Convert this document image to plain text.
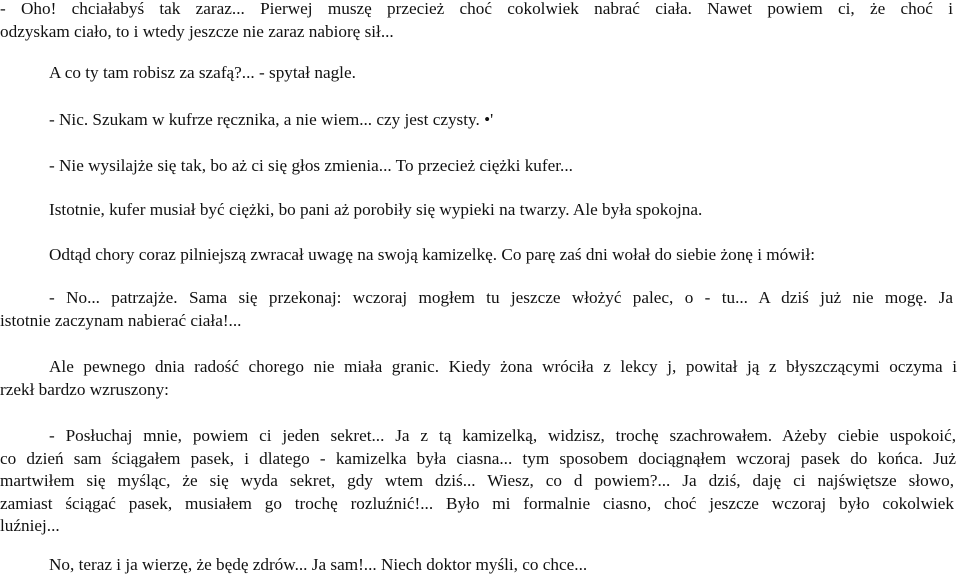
- Oho! chciałabyś tak zaraz... Pierwej muszę przecież choć cokolwiek nabrać ciała. Nawet powiem ci, że choć i
odzyskam ciało, to i wtedy jeszcze nie zaraz nabiorę sił...
A co ty tam robisz za szafą?... - spytał nagle.
- Nic. Szukam w kufrze ręcznika, a nie wiem... czy jest czysty. •'
- Nie wysilajże się tak, bo aż ci się głos zmienia... To przecież ciężki kufer...
Istotnie, kufer musiał być ciężki, bo pani aż porobiły się wypieki na twarzy. Ale była spokojna.
Odtąd chory coraz pilniejszą zwracał uwagę na swoją kamizelkę. Co parę zaś dni wołał do siebie żonę i mówił:
- No... patrzajże. Sama się przekonaj: wczoraj mogłem tu jeszcze włożyć palec, o - tu... A dziś już nie mogę. Ja
istotnie zaczynam nabierać ciała!...
Ale pewnego dnia radość chorego nie miała granic. Kiedy żona wróciła z lekcy j, powitał ją z błyszczącymi oczyma i
rzekł bardzo wzruszony:
- Posłuchaj mnie, powiem ci jeden sekret... Ja z tą kamizelką, widzisz, trochę szachrowałem. Ażeby ciebie uspokoić,
co dzień sam ściągałem pasek, i dlatego - kamizelka była ciasna... tym sposobem dociągnąłem wczoraj pasek do końca. Już
martwiłem się myśląc, że się wyda sekret, gdy wtem dziś... Wiesz, co d powiem?... Ja dziś, daję ci najświętsze słowo,
zamiast ściągać pasek, musiałem go trochę rozluźnić!... Było mi formalnie ciasno, choć jeszcze wczoraj było cokolwiek
luźniej...
No, teraz i ja wierzę, że będę zdrów... Ja sam!... Niech doktor myśli, co chce...
